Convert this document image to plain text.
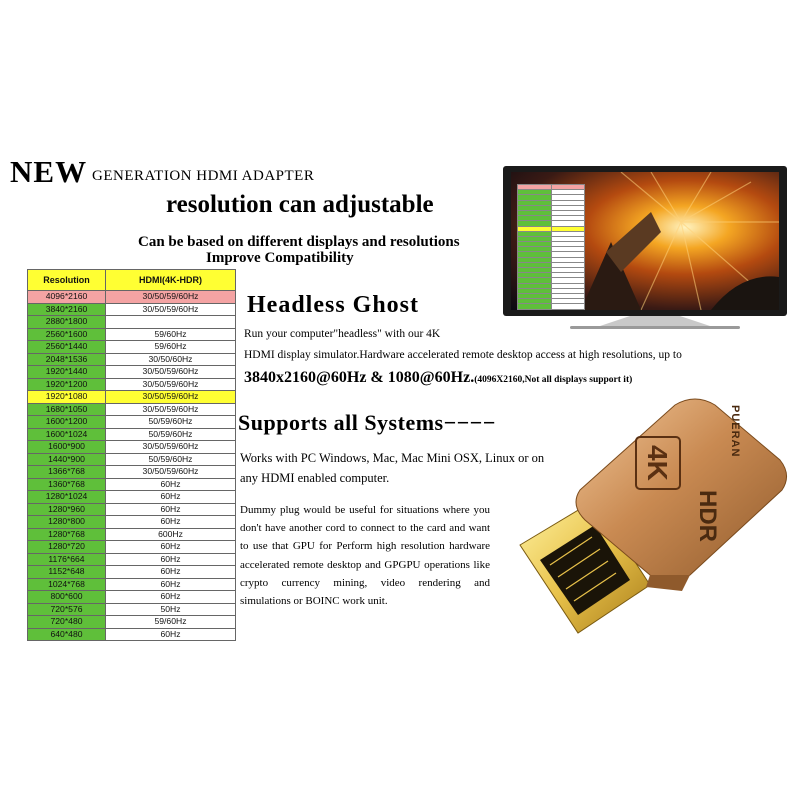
NEW GENERATION HDMI ADAPTER
resolution can adjustable
Can be based on different displays and resolutions
Improve Compatibility
Resolution	HDMI(4K-HDR)
4096*2160	30/50/59/60Hz
3840*2160	30/50/59/60Hz
2880*1800	
2560*1600	59/60Hz
2560*1440	59/60Hz
2048*1536	30/50/60Hz
1920*1440	30/50/59/60Hz
1920*1200	30/50/59/60Hz
1920*1080	30/50/59/60Hz
1680*1050	30/50/59/60Hz
1600*1200	50/59/60Hz
1600*1024	50/59/60Hz
1600*900	30/50/59/60Hz
1440*900	50/59/60Hz
1366*768	30/50/59/60Hz
1360*768	60Hz
1280*1024	60Hz
1280*960	60Hz
1280*800	60Hz
1280*768	600Hz
1280*720	60Hz
1176*664	60Hz
1152*648	60Hz
1024*768	60Hz
800*600	60Hz
720*576	50Hz
720*480	59/60Hz
640*480	60Hz

Headless Ghost
Run your computer"headless" with our 4K
HDMI display simulator.Hardware accelerated remote desktop access at high resolutions, up to
3840x2160@60Hz & 1080@60Hz.(4096X2160,Not all displays support it)
Supports all Systems−−−−
Works with PC Windows, Mac, Mac Mini OSX, Linux or on any HDMI enabled computer.
Dummy plug would be useful for situations where you don't have another cord to connect to the card and want to use that GPU for Perform high resolution hardware accelerated remote desktop and GPGPU operations like crypto currency mining, video rendering and simulations or BOINC work unit.
4K
PUERAN
HDR
